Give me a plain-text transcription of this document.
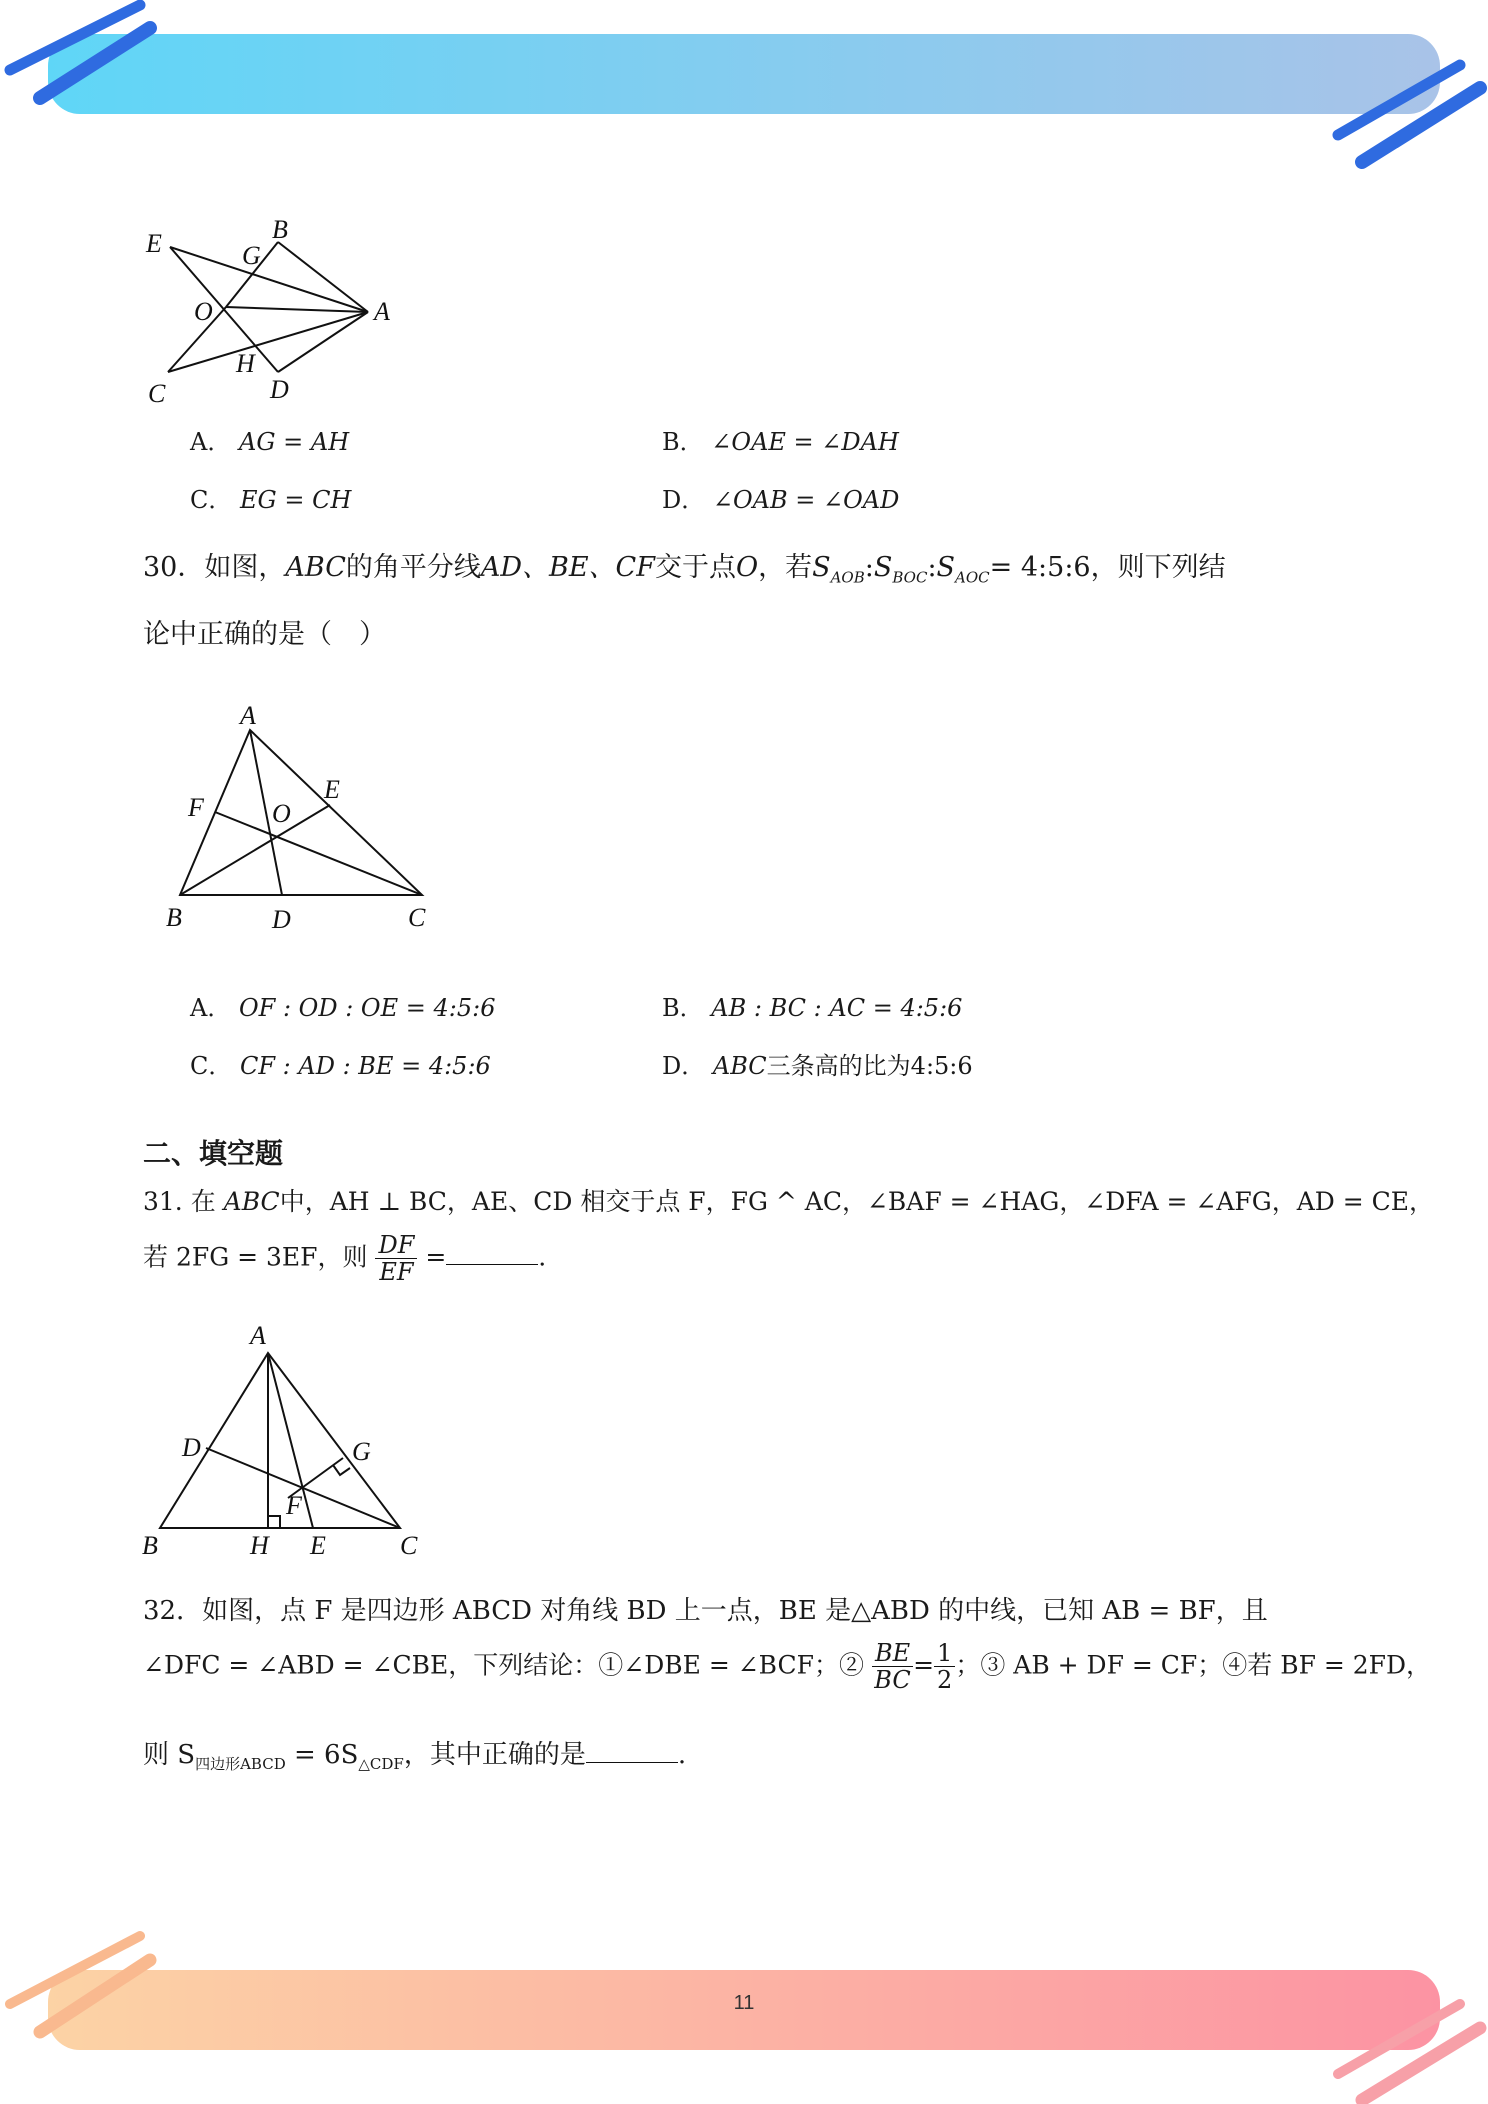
E	G
B
O	A
H
C	D
A． AG = AH	B． ∠OAE = ∠DAH
C． EG = CH	D． ∠OAB = ∠OAD
30．如图，ABC的角平分线AD、BE、CF交于点O，若$S_{AOB}:S_{BOC}:S_{AOC}=$ 4:5:6，则下列结
论中正确的是（　）
A
E
F	O
B	D	C
A． OF : OD : OE = 4:5:6	B． AB : BC : AC = 4:5:6
C． CF : AD : BE = 4:5:6	D． ABC三条高的比为4:5:6
二、填空题
31. 在 ABC中，AH ⊥ BC，AE、CD 相交于点 F，FG ^ AC，∠BAF = ∠HAG，∠DFA = ∠AFG，AD = CE，
若 2FG = 3EF，则 $\frac{DF}{EF}$ =	.
A
D	G
F
B	H E	C
32．如图，点 F 是四边形 ABCD 对角线 BD 上一点，BE 是△ABD 的中线，已知 AB = BF，且
∠DFC = ∠ABD = ∠CBE，下列结论：①∠DBE = ∠BCF；② $\frac{BE}{BC} = \frac{1}{2}$ ；③ AB + DF = CF；④若 BF = 2FD，
则 $S_{四边形ABCD} = 6S_{\triangle CDF}$，其中正确的是	.
11
